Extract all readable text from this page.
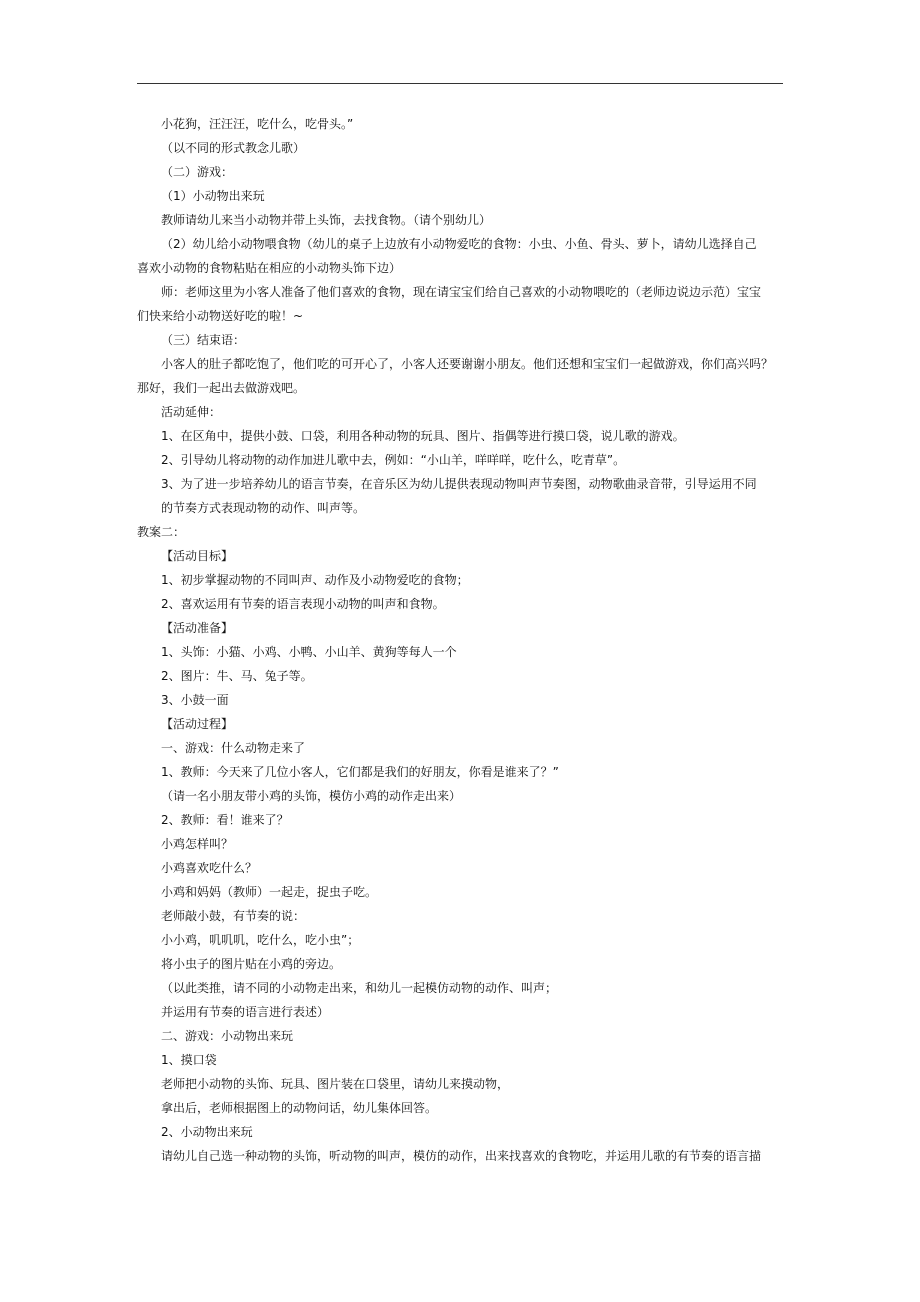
小花狗，汪汪汪，吃什么，吃骨头。”
（以不同的形式教念儿歌）
（二）游戏：
（1）小动物出来玩
教师请幼儿来当小动物并带上头饰，去找食物。（请个别幼儿）
（2）幼儿给小动物喂食物（幼儿的桌子上边放有小动物爱吃的食物：小虫、小鱼、骨头、萝卜，请幼儿选择自己
喜欢小动物的食物粘贴在相应的小动物头饰下边）
师：老师这里为小客人准备了他们喜欢的食物，现在请宝宝们给自己喜欢的小动物喂吃的（老师边说边示范）宝宝
们快来给小动物送好吃的啦！~
（三）结束语：
小客人的肚子都吃饱了，他们吃的可开心了，小客人还要谢谢小朋友。他们还想和宝宝们一起做游戏，你们高兴吗？
那好，我们一起出去做游戏吧。
活动延伸：
1、在区角中，提供小鼓、口袋，利用各种动物的玩具、图片、指偶等进行摸口袋，说儿歌的游戏。
2、引导幼儿将动物的动作加进儿歌中去，例如：“小山羊，咩咩咩，吃什么，吃青草”。
3、为了进一步培养幼儿的语言节奏，在音乐区为幼儿提供表现动物叫声节奏图，动物歌曲录音带，引导运用不同
的节奏方式表现动物的动作、叫声等。
教案二：
【活动目标】
1、初步掌握动物的不同叫声、动作及小动物爱吃的食物；
2、喜欢运用有节奏的语言表现小动物的叫声和食物。
【活动准备】
1、头饰：小猫、小鸡、小鸭、小山羊、黄狗等每人一个
2、图片：牛、马、兔子等。
3、小鼓一面
【活动过程】
一、游戏：什么动物走来了
1、教师：今天来了几位小客人，它们都是我们的好朋友，你看是谁来了？”
（请一名小朋友带小鸡的头饰，模仿小鸡的动作走出来）
2、教师：看！谁来了？
小鸡怎样叫？
小鸡喜欢吃什么？
小鸡和妈妈（教师）一起走，捉虫子吃。
老师敲小鼓，有节奏的说：
小小鸡，叽叽叽，吃什么，吃小虫”；
将小虫子的图片贴在小鸡的旁边。
（以此类推，请不同的小动物走出来，和幼儿一起模仿动物的动作、叫声；
并运用有节奏的语言进行表述）
二、游戏：小动物出来玩
1、摸口袋
老师把小动物的头饰、玩具、图片装在口袋里，请幼儿来摸动物，
拿出后，老师根据图上的动物问话，幼儿集体回答。
2、小动物出来玩
请幼儿自己选一种动物的头饰，听动物的叫声，模仿的动作，出来找喜欢的食物吃，并运用儿歌的有节奏的语言描
